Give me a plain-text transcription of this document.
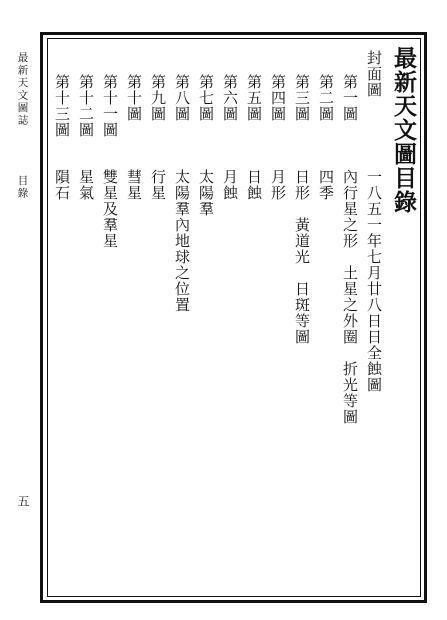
最新天文圖誌
目錄
五
最新天文圖目錄
封面圖
一八五一年七月廿八日日全蝕圖
第一圖
內行星之形　土星之外圈　折光等圖
第二圖
四季
第三圖
日形　黃道光　日斑等圖
第四圖
月形
第五圖
日蝕
第六圖
月蝕
第七圖
太陽羣
第八圖
太陽羣內地球之位置
第九圖
行星
第十圖
彗星
第十一圖
雙星及羣星
第十二圖
星氣
第十三圖
隕石
